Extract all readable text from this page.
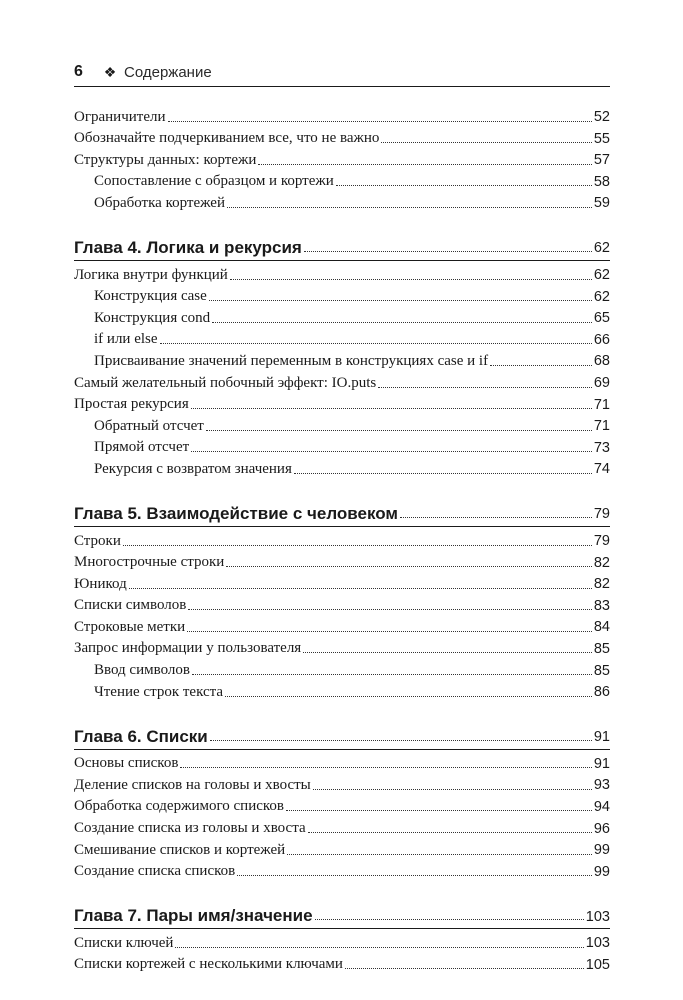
6	❖ Содержание
Ограничители	52
Обозначайте подчеркиванием все, что не важно	55
Структуры данных: кортежи	57
Сопоставление с образцом и кортежи	58
Обработка кортежей	59
Глава 4. Логика и рекурсия	62
Логика внутри функций	62
Конструкция case	62
Конструкция cond	65
if или else	66
Присваивание значений переменным в конструкциях case и if	68
Самый желательный побочный эффект: IO.puts	69
Простая рекурсия	71
Обратный отсчет	71
Прямой отсчет	73
Рекурсия с возвратом значения	74
Глава 5. Взаимодействие с человеком	79
Строки	79
Многострочные строки	82
Юникод	82
Списки символов	83
Строковые метки	84
Запрос информации у пользователя	85
Ввод символов	85
Чтение строк текста	86
Глава 6. Списки	91
Основы списков	91
Деление списков на головы и хвосты	93
Обработка содержимого списков	94
Создание списка из головы и хвоста	96
Смешивание списков и кортежей	99
Создание списка списков	99
Глава 7. Пары имя/значение	103
Списки ключей	103
Списки кортежей с несколькими ключами	105
